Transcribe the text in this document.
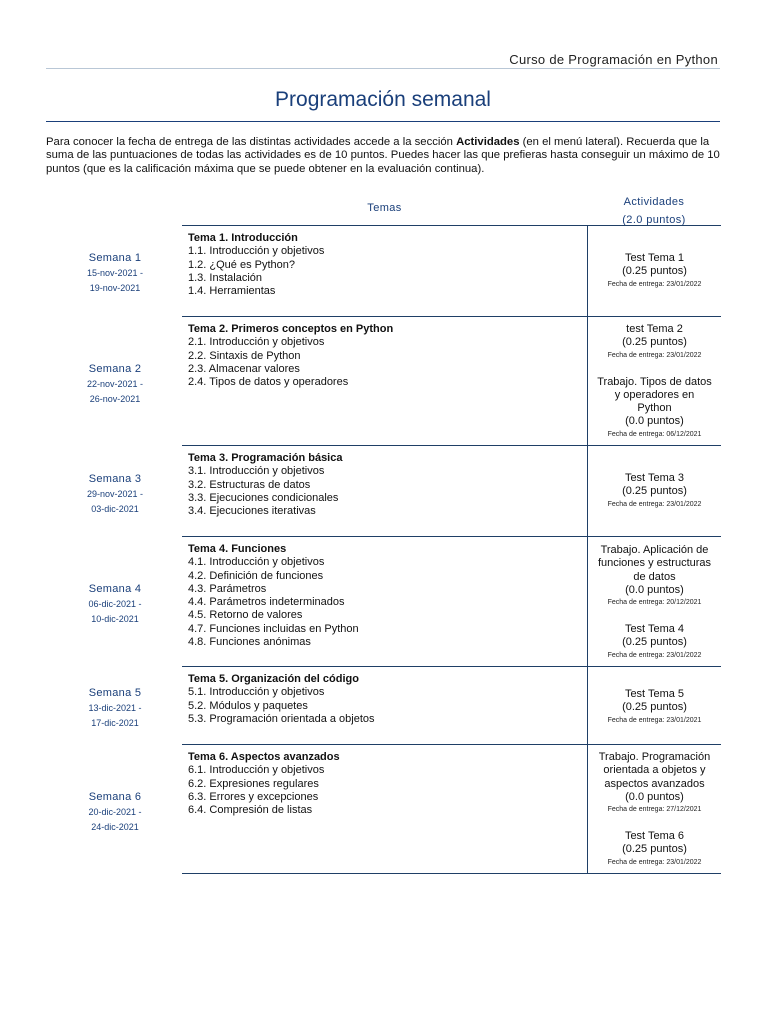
Curso de Programación en Python
Programación semanal

Para conocer la fecha de entrega de las distintas actividades accede a la sección Actividades (en el menú lateral). Recuerda que la suma de las puntuaciones de todas las actividades es de 10 puntos. Puedes hacer las que prefieras hasta conseguir un máximo de 10 puntos (que es la calificación máxima que se puede obtener en la evaluación continua).

Temas	Actividades
(2.0 puntos)
Semana 1
15-nov-2021 -
19-nov-2021
Tema 1. Introducción
1.1. Introducción y objetivos
1.2. ¿Qué es Python?
1.3. Instalación
1.4. Herramientas
Test Tema 1
(0.25 puntos)
Fecha de entrega: 23/01/2022
Semana 2
22-nov-2021 -
26-nov-2021
Tema 2. Primeros conceptos en Python
2.1. Introducción y objetivos
2.2. Sintaxis de Python
2.3. Almacenar valores
2.4. Tipos de datos y operadores
test Tema 2
(0.25 puntos)
Fecha de entrega: 23/01/2022
Trabajo. Tipos de datos
y operadores en
Python
(0.0 puntos)
Fecha de entrega: 06/12/2021
Semana 3
29-nov-2021 -
03-dic-2021
Tema 3. Programación básica
3.1. Introducción y objetivos
3.2. Estructuras de datos
3.3. Ejecuciones condicionales
3.4. Ejecuciones iterativas
Test Tema 3
(0.25 puntos)
Fecha de entrega: 23/01/2022
Semana 4
06-dic-2021 -
10-dic-2021
Tema 4. Funciones
4.1. Introducción y objetivos
4.2. Definición de funciones
4.3. Parámetros
4.4. Parámetros indeterminados
4.5. Retorno de valores
4.7. Funciones incluidas en Python
4.8. Funciones anónimas
Trabajo. Aplicación de
funciones y estructuras
de datos
(0.0 puntos)
Fecha de entrega: 20/12/2021
Test Tema 4
(0.25 puntos)
Fecha de entrega: 23/01/2022
Semana 5
13-dic-2021 -
17-dic-2021
Tema 5. Organización del código
5.1. Introducción y objetivos
5.2. Módulos y paquetes
5.3. Programación orientada a objetos
Test Tema 5
(0.25 puntos)
Fecha de entrega: 23/01/2021
Semana 6
20-dic-2021 -
24-dic-2021
Tema 6. Aspectos avanzados
6.1. Introducción y objetivos
6.2. Expresiones regulares
6.3. Errores y excepciones
6.4. Compresión de listas
Trabajo. Programación
orientada a objetos y
aspectos avanzados
(0.0 puntos)
Fecha de entrega: 27/12/2021
Test Tema 6
(0.25 puntos)
Fecha de entrega: 23/01/2022
